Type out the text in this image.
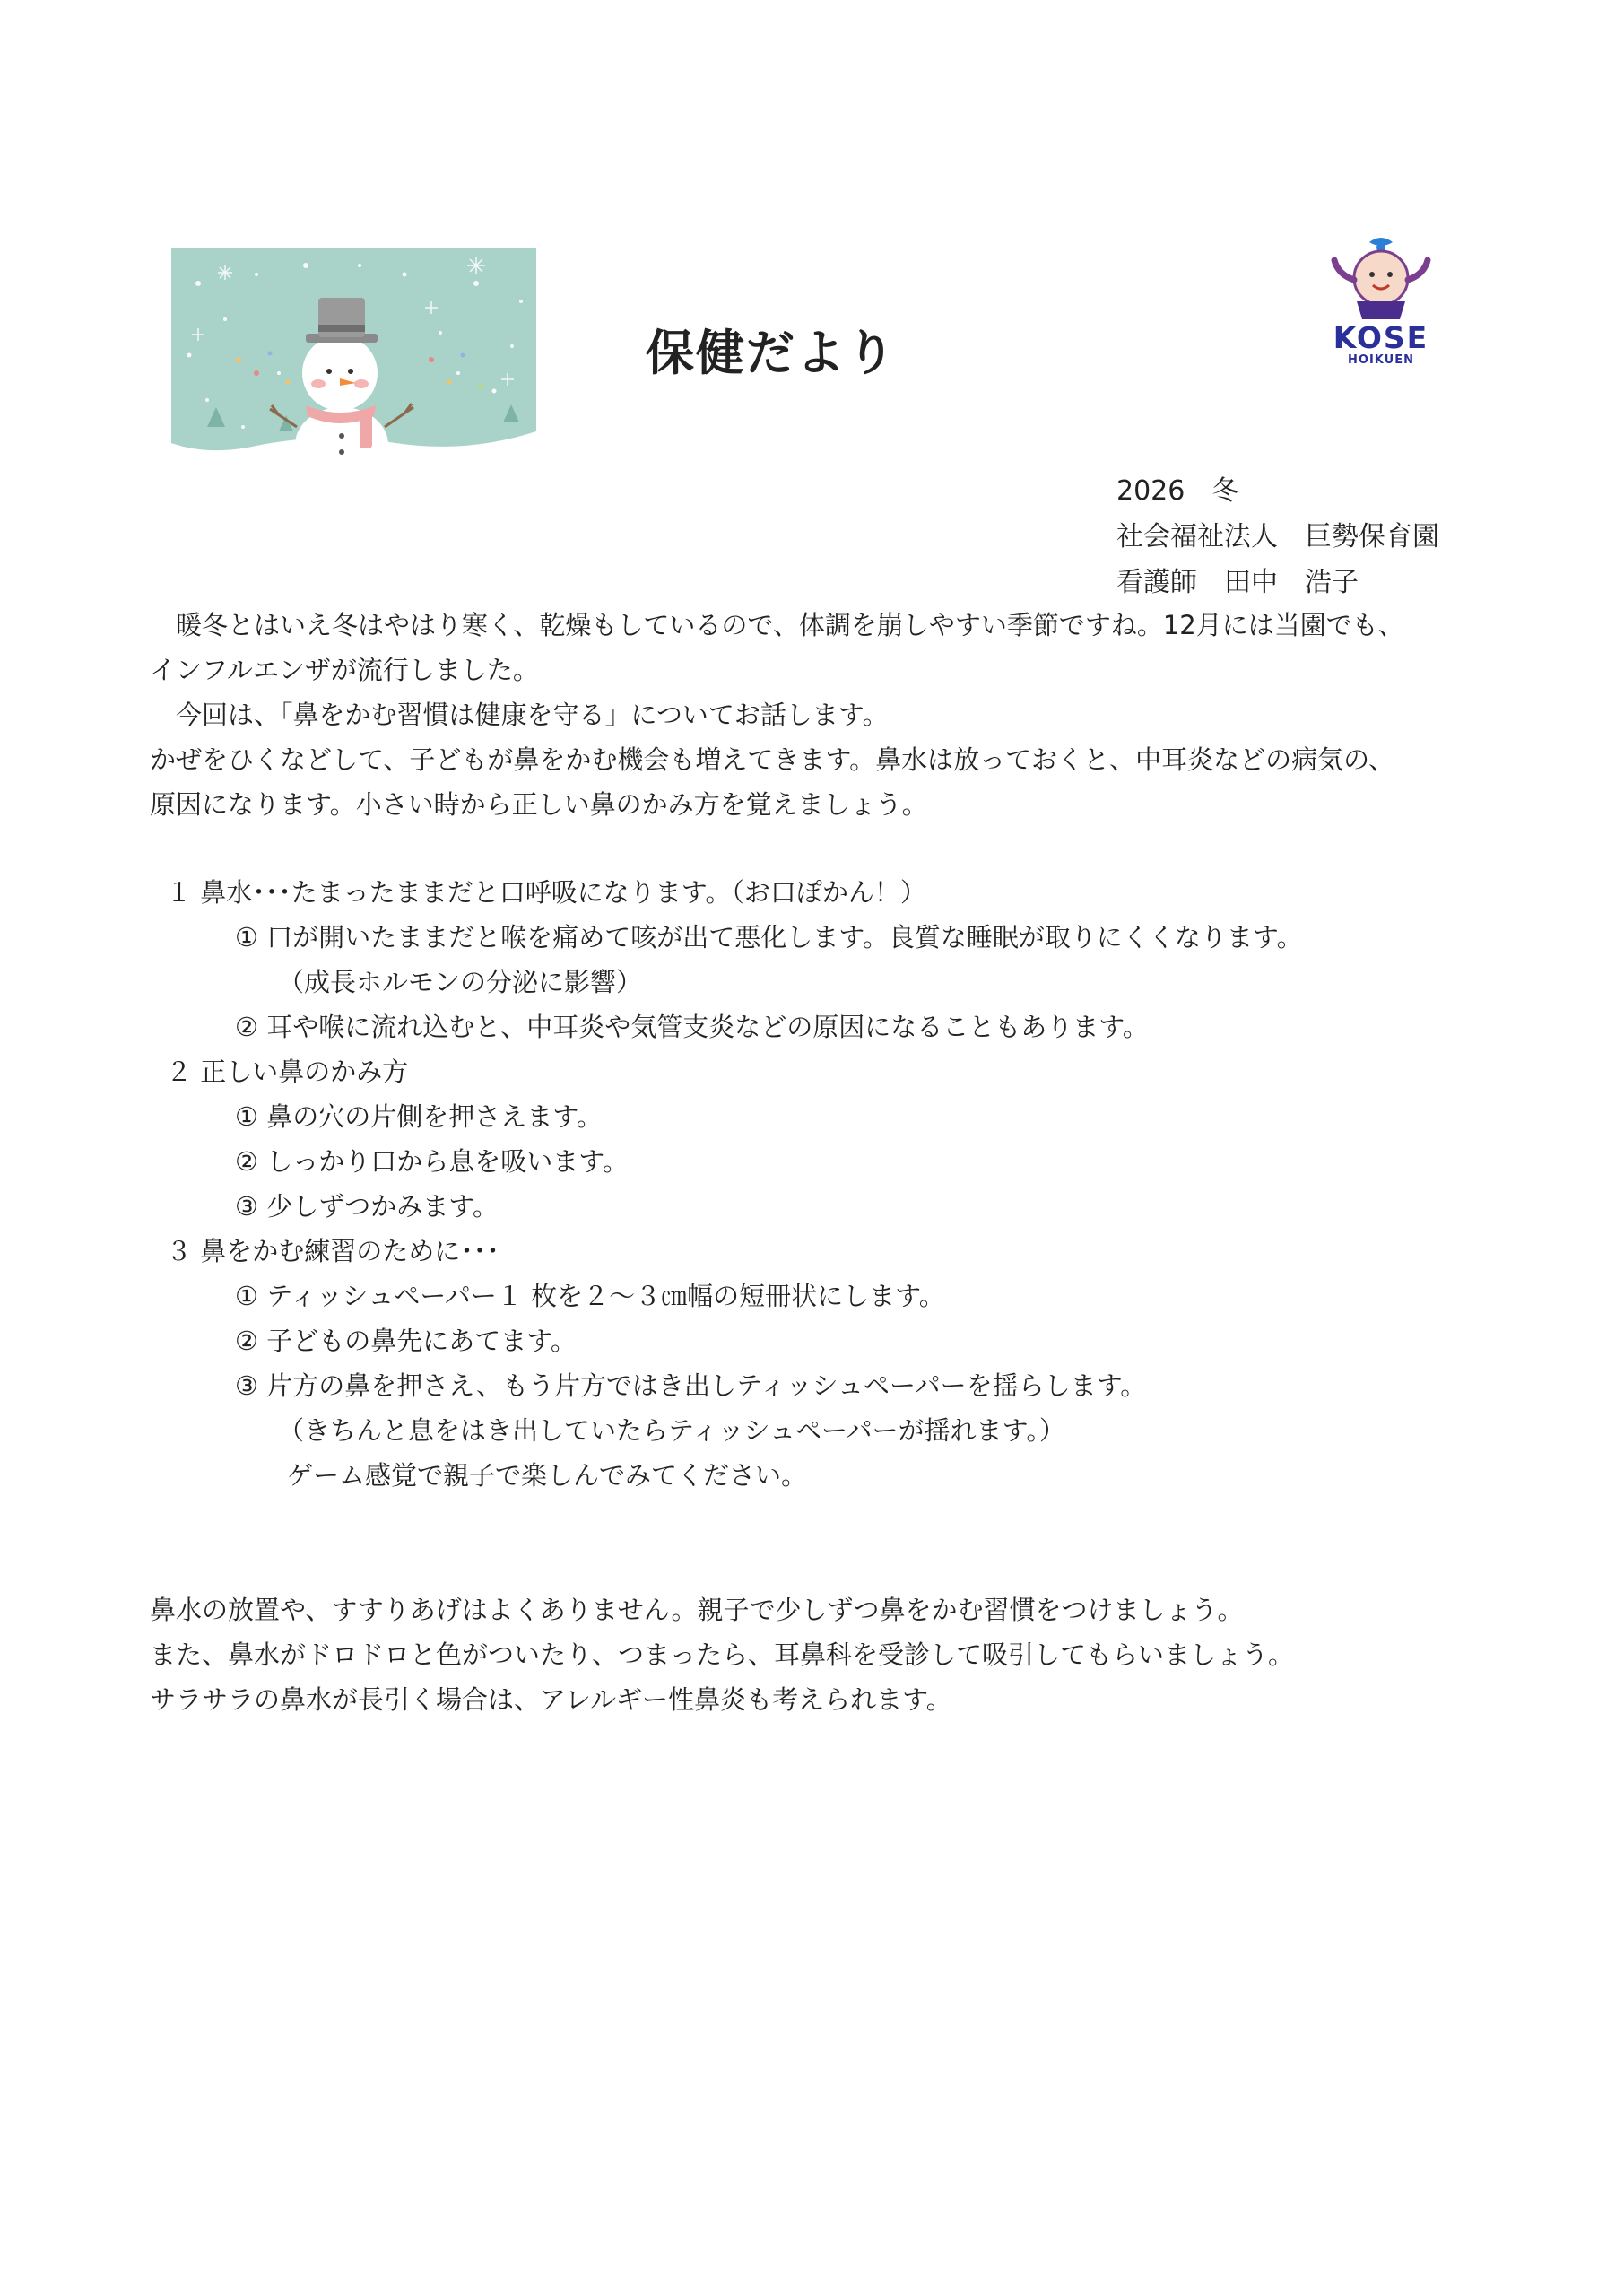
保健だより	KOSE
HOIKUEN
2026　冬
社会福祉法人　巨勢保育園
看護師　田中　浩子
　暖冬とはいえ冬はやはり寒く、乾燥もしているので、体調を崩しやすい季節ですね。12月には当園でも、
インフルエンザが流行しました。
　今回は、「鼻をかむ習慣は健康を守る」についてお話します。
かぜをひくなどして、子どもが鼻をかむ機会も増えてきます。鼻水は放っておくと、中耳炎などの病気の、
原因になります。小さい時から正しい鼻のかみ方を覚えましょう。
１ 鼻水･･･たまったままだと口呼吸になります。（お口ぽかん！）
① 口が開いたままだと喉を痛めて咳が出て悪化します。良質な睡眠が取りにくくなります。
（成長ホルモンの分泌に影響）
② 耳や喉に流れ込むと、中耳炎や気管支炎などの原因になることもあります。
２ 正しい鼻のかみ方
① 鼻の穴の片側を押さえます。
② しっかり口から息を吸います。
③ 少しずつかみます。
３ 鼻をかむ練習のために･･･
① ティッシュペーパー１ 枚を２～３㎝幅の短冊状にします。
② 子どもの鼻先にあてます。
③ 片方の鼻を押さえ、もう片方ではき出しティッシュペーパーを揺らします。
（きちんと息をはき出していたらティッシュペーパーが揺れます。）
ゲーム感覚で親子で楽しんでみてください。
鼻水の放置や、すすりあげはよくありません。親子で少しずつ鼻をかむ習慣をつけましょう。
また、鼻水がドロドロと色がついたり、つまったら、耳鼻科を受診して吸引してもらいましょう。
サラサラの鼻水が長引く場合は、アレルギー性鼻炎も考えられます。
